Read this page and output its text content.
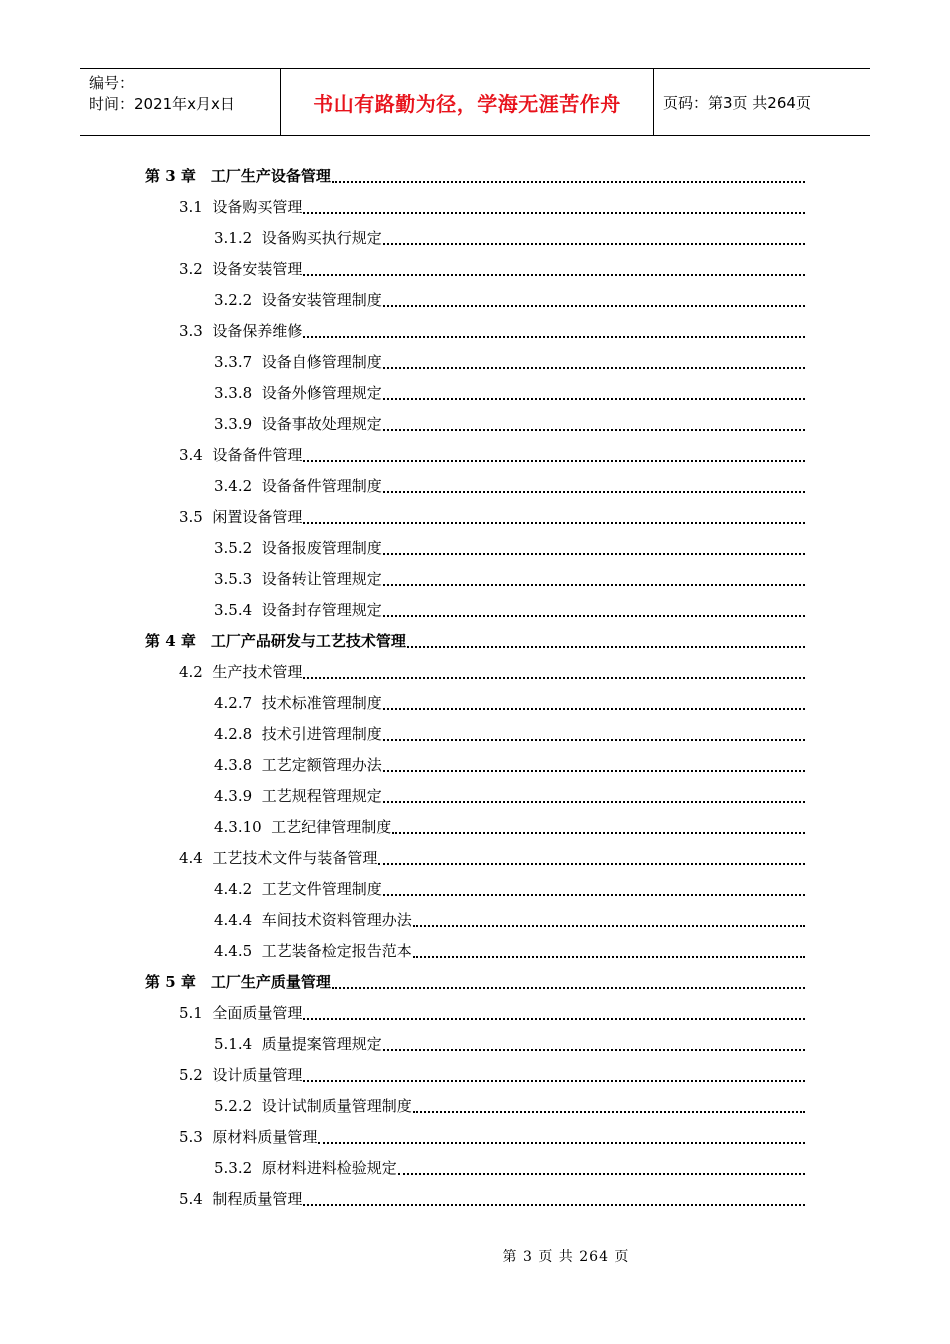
编号：
时间：2021年x月x日	书山有路勤为径，学海无涯苦作舟	页码：第3页 共264页
第 3 章　 工厂生产设备管理
3.1 设备购买管理
3.1.2 设备购买执行规定
3.2 设备安装管理
3.2.2 设备安装管理制度
3.3 设备保养维修
3.3.7 设备自修管理制度
3.3.8 设备外修管理规定
3.3.9 设备事故处理规定
3.4 设备备件管理
3.4.2 设备备件管理制度
3.5 闲置设备管理
3.5.2 设备报废管理制度
3.5.3 设备转让管理规定
3.5.4 设备封存管理规定
第 4 章　 工厂产品研发与工艺技术管理
4.2 生产技术管理
4.2.7 技术标准管理制度
4.2.8 技术引进管理制度
4.3.8 工艺定额管理办法
4.3.9 工艺规程管理规定
4.3.10 工艺纪律管理制度
4.4 工艺技术文件与装备管理
4.4.2 工艺文件管理制度
4.4.4 车间技术资料管理办法
4.4.5 工艺装备检定报告范本
第 5 章　 工厂生产质量管理
5.1 全面质量管理
5.1.4 质量提案管理规定
5.2 设计质量管理
5.2.2 设计试制质量管理制度
5.3 原材料质量管理
5.3.2 原材料进料检验规定
5.4 制程质量管理
第 3 页 共 264 页
